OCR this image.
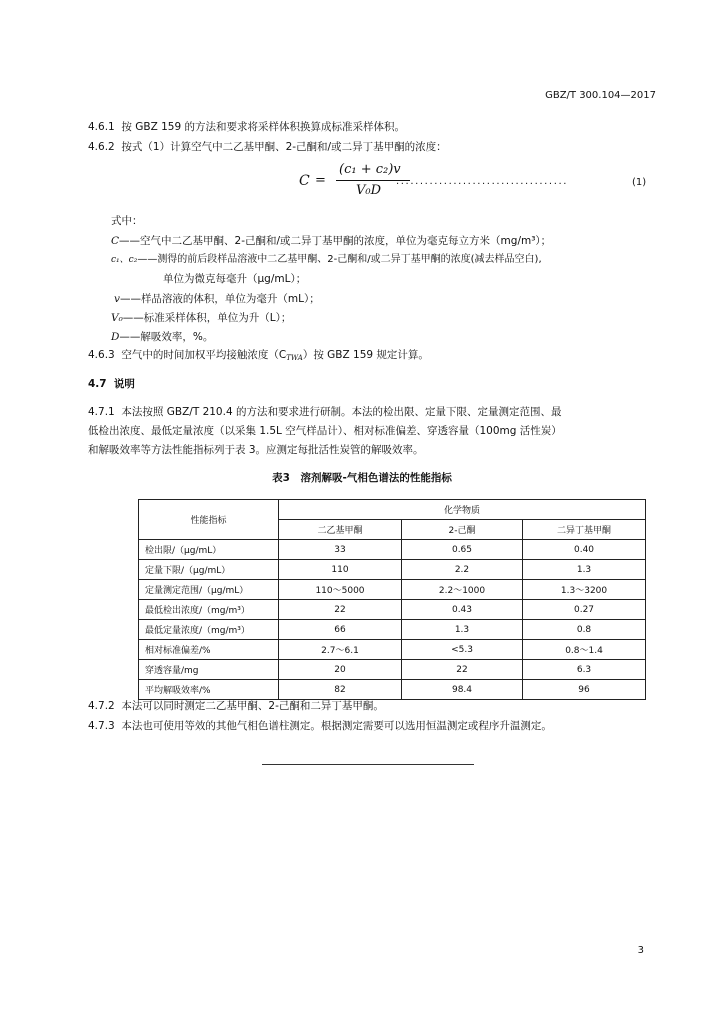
GBZ/T 300.104—2017
4.6.1 按 GBZ 159 的方法和要求将采样体积换算成标准采样体积。
4.6.2 按式（1）计算空气中二乙基甲酮、2-己酮和/或二异丁基甲酮的浓度：
C =
(c₁ + c₂)v
V₀D
....................................	(1)
式中：
C——空气中二乙基甲酮、2-己酮和/或二异丁基甲酮的浓度，单位为毫克每立方米（mg/m³）；
c₁、c₂——测得的前后段样品溶液中二乙基甲酮、2-己酮和/或二异丁基甲酮的浓度(减去样品空白),
单位为微克每毫升（μg/mL）；
v——样品溶液的体积，单位为毫升（mL）；
V₀——标准采样体积，单位为升（L）；
D——解吸效率，%。
4.6.3 空气中的时间加权平均接触浓度$(C_{TWA})$按 GBZ 159 规定计算。
4.7 说明
4.7.1 本法按照 GBZ/T 210.4 的方法和要求进行研制。本法的检出限、定量下限、定量测定范围、最
低检出浓度、最低定量浓度（以采集 1.5L 空气样品计）、相对标准偏差、穿透容量（100mg 活性炭）
和解吸效率等方法性能指标列于表 3。应测定每批活性炭管的解吸效率。
表3　溶剂解吸-气相色谱法的性能指标
性能指标	化学物质		
	二乙基甲酮	2-己酮	二异丁基甲酮
检出限/（μg/mL）	33	0.65	0.40
定量下限/（μg/mL）	110	2.2	1.3
定量测定范围/（μg/mL）	110～5000	2.2～1000	1.3～3200
最低检出浓度/（mg/m³）	22	0.43	0.27
最低定量浓度/（mg/m³）	66	1.3	0.8
相对标准偏差/%	2.7～6.1	<5.3	0.8～1.4
穿透容量/mg	20	22	6.3
平均解吸效率/%	82	98.4	96
4.7.2 本法可以同时测定二乙基甲酮、2-己酮和二异丁基甲酮。
4.7.3 本法也可使用等效的其他气相色谱柱测定。根据测定需要可以选用恒温测定或程序升温测定。
3
